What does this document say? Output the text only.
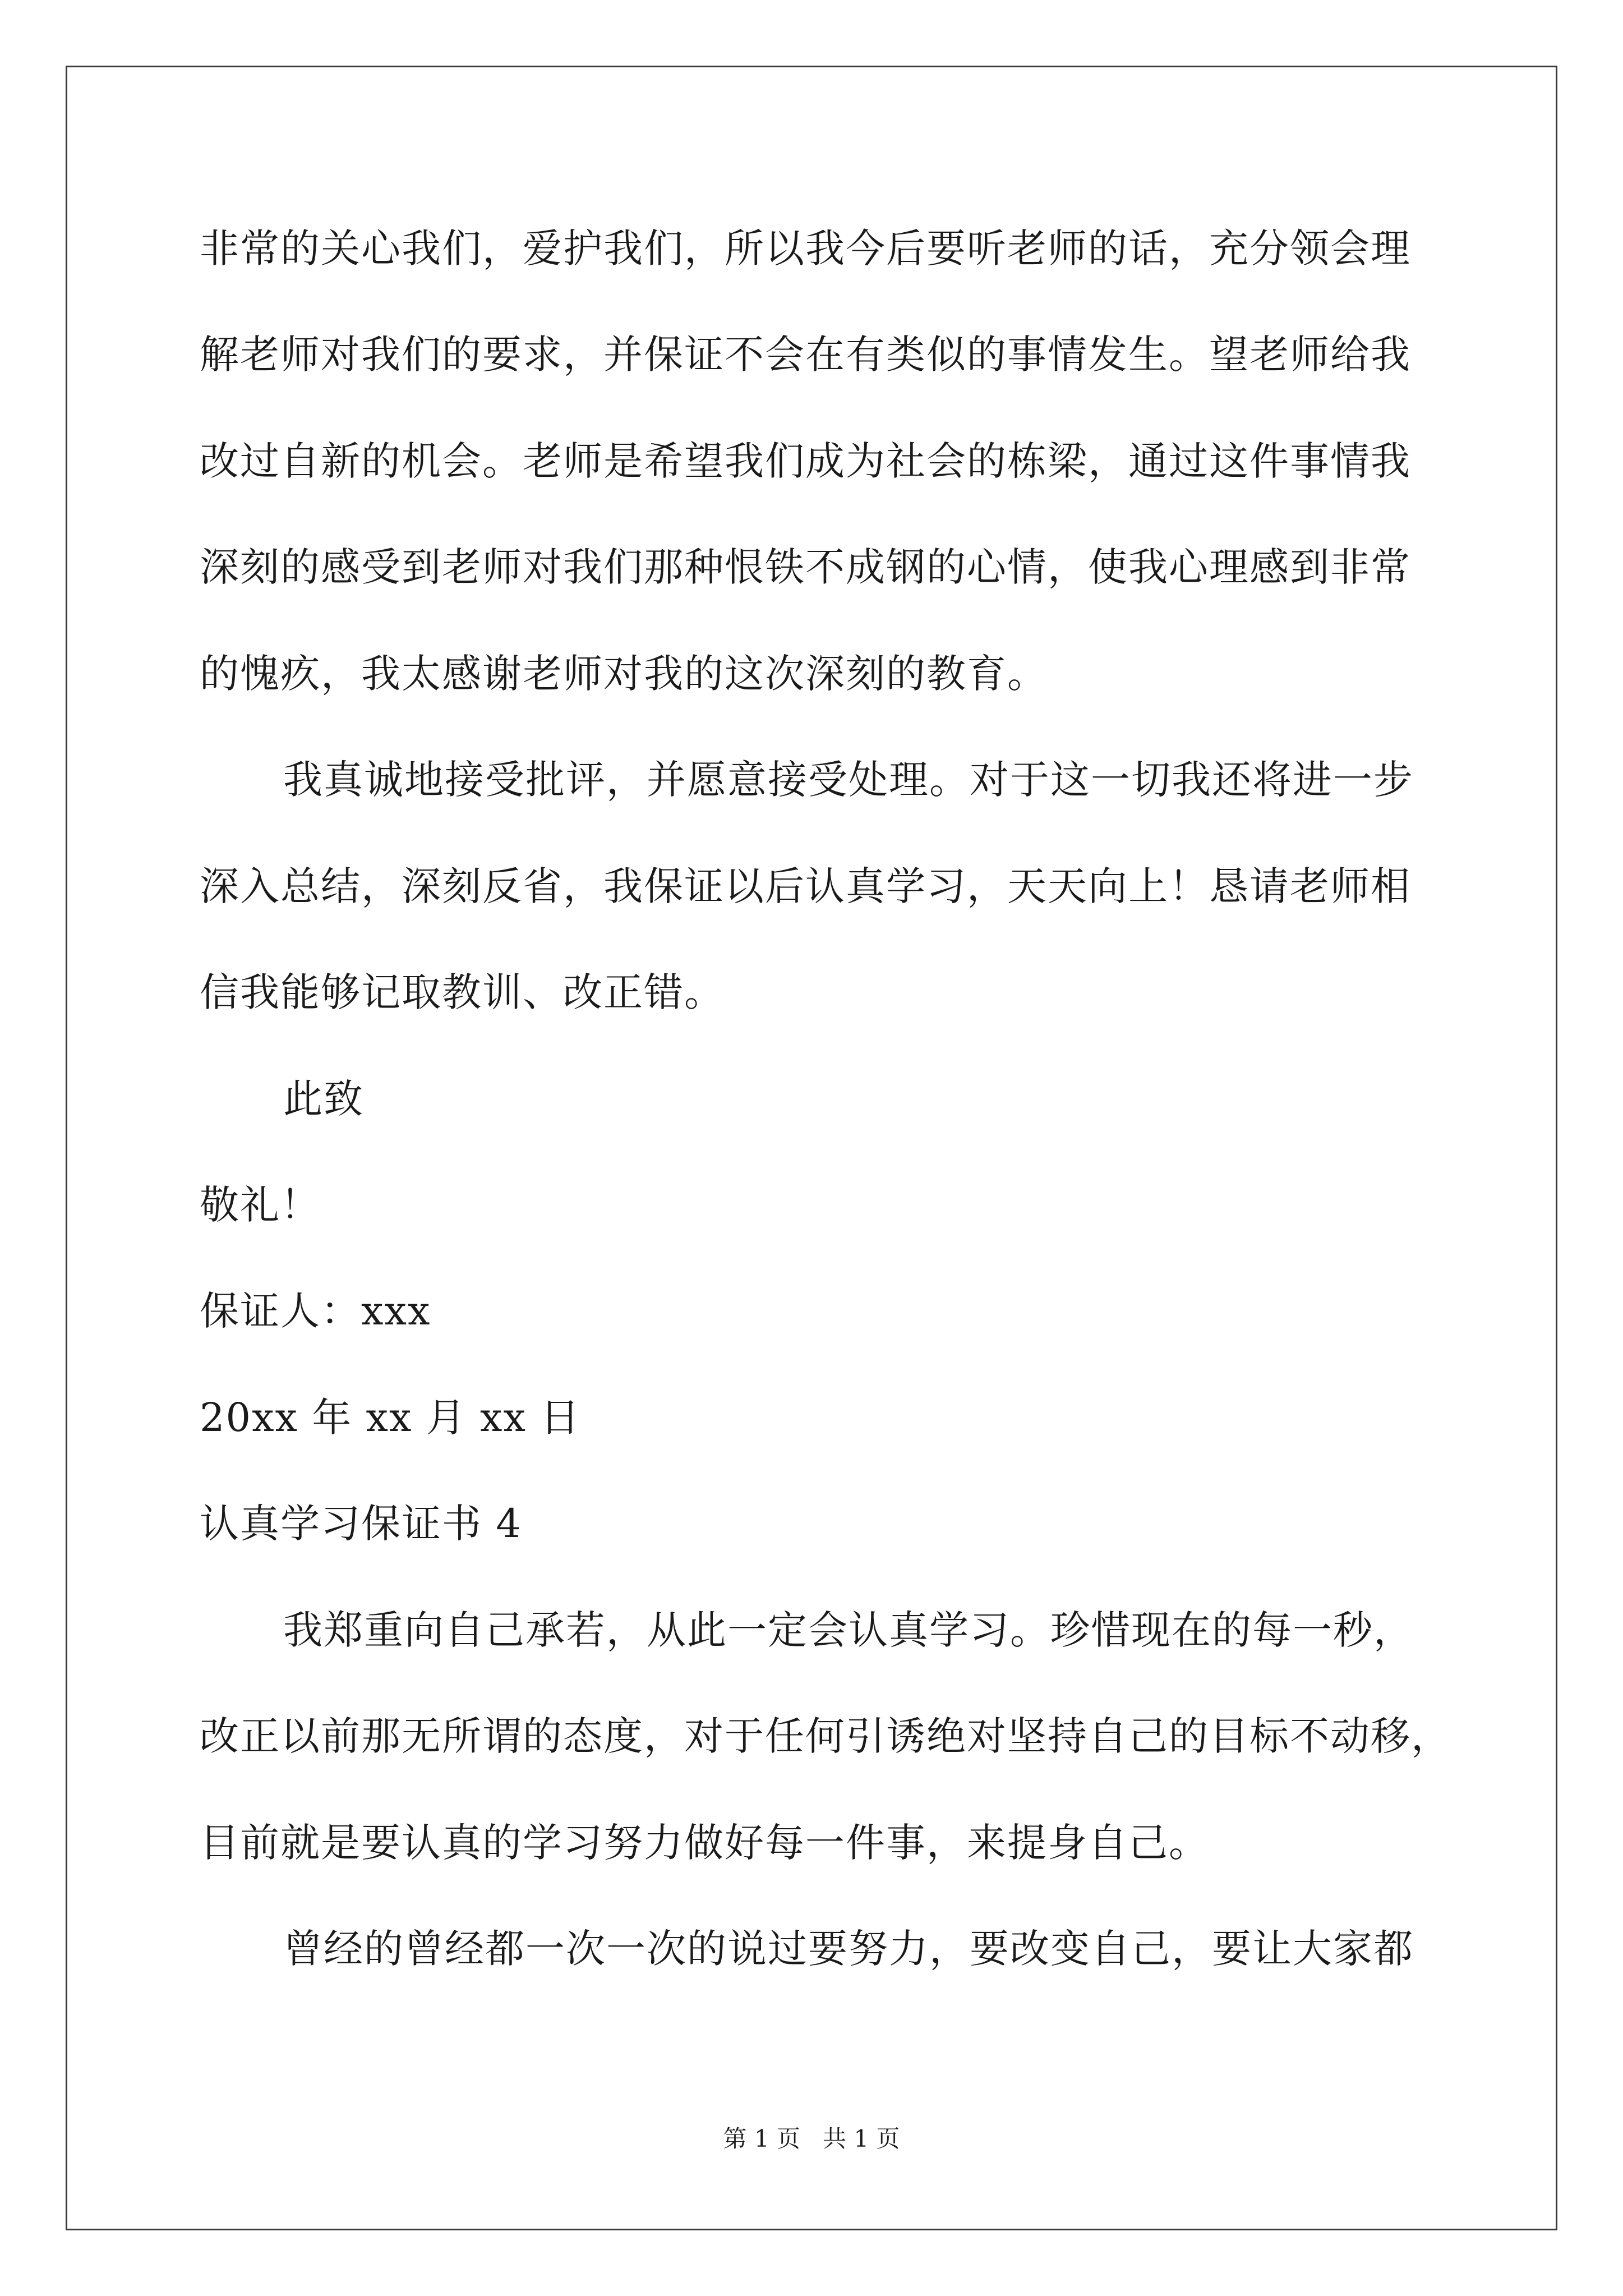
非常的关心我们，爱护我们，所以我今后要听老师的话，充分领会理
解老师对我们的要求，并保证不会在有类似的事情发生。望老师给我
改过自新的机会。老师是希望我们成为社会的栋梁，通过这件事情我
深刻的感受到老师对我们那种恨铁不成钢的心情，使我心理感到非常
的愧疚，我太感谢老师对我的这次深刻的教育。
我真诚地接受批评，并愿意接受处理。对于这一切我还将进一步
深入总结，深刻反省，我保证以后认真学习，天天向上！恳请老师相
信我能够记取教训、改正错。
此致
敬礼！
保证人：xxx
20xx 年 xx 月 xx 日
认真学习保证书 4
我郑重向自己承若，从此一定会认真学习。珍惜现在的每一秒，
改正以前那无所谓的态度，对于任何引诱绝对坚持自己的目标不动移，
目前就是要认真的学习努力做好每一件事，来提身自己。
曾经的曾经都一次一次的说过要努力，要改变自己，要让大家都
第 1 页   共 1 页
